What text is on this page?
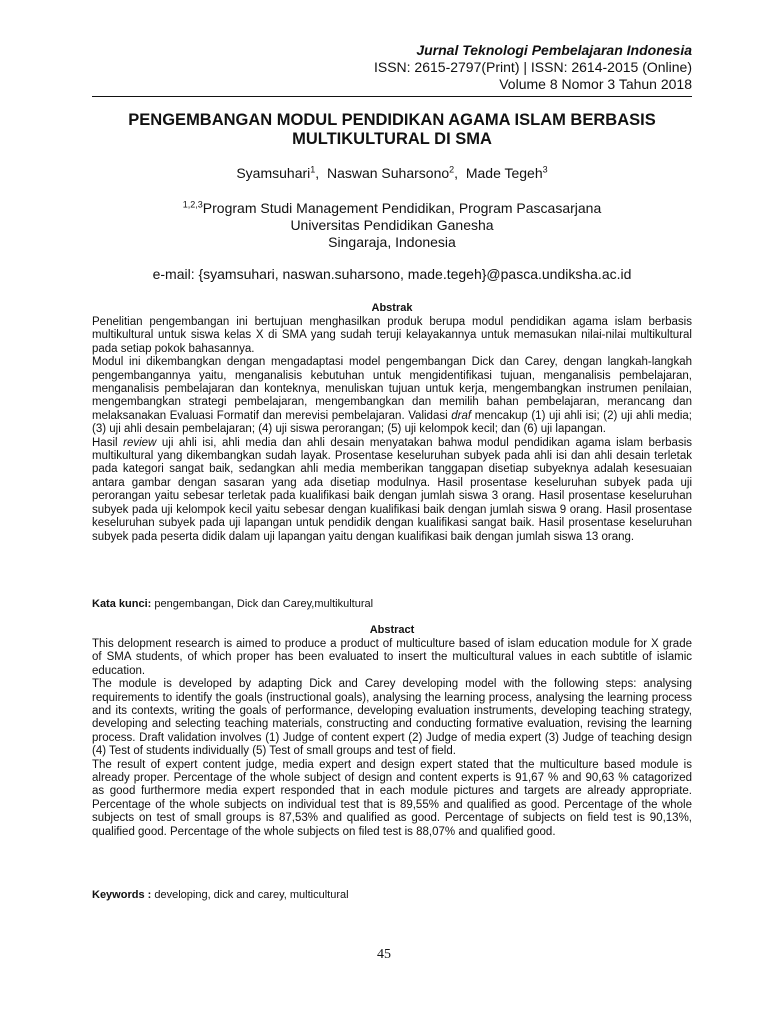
Jurnal Teknologi Pembelajaran Indonesia
ISSN: 2615-2797(Print) | ISSN: 2614-2015 (Online)
Volume 8 Nomor 3 Tahun 2018
PENGEMBANGAN MODUL PENDIDIKAN AGAMA ISLAM BERBASIS
MULTIKULTURAL DI SMA
Syamsuhari$^1$,  Naswan Suharsono$^2$,  Made Tegeh$^3$
$^{1,2,3}$Program Studi Management Pendidikan, Program Pascasarjana
Universitas Pendidikan Ganesha
Singaraja, Indonesia
e-mail: {syamsuhari, naswan.suharsono, made.tegeh}@pasca.undiksha.ac.id
Abstrak

Penelitian pengembangan ini bertujuan menghasilkan produk berupa modul pendidikan agama islam berbasis multikultural untuk siswa kelas X di SMA yang sudah teruji kelayakannya untuk memasukan nilai-nilai multikultural pada setiap pokok bahasannya.

Modul ini dikembangkan dengan mengadaptasi model pengembangan Dick dan Carey, dengan langkah-langkah pengembangannya yaitu, menganalisis kebutuhan untuk mengidentifikasi tujuan, menganalisis pembelajaran, menganalisis pembelajaran dan konteknya, menuliskan tujuan untuk kerja, mengembangkan instrumen penilaian, mengembangkan strategi pembelajaran, mengembangkan dan memilih bahan pembelajaran, merancang dan melaksanakan Evaluasi Formatif dan merevisi pembelajaran. Validasi draf mencakup (1) uji ahli isi; (2) uji ahli media; (3) uji ahli desain pembelajaran; (4) uji siswa perorangan; (5) uji kelompok kecil; dan (6) uji lapangan.

Hasil review uji ahli isi, ahli media dan ahli desain menyatakan bahwa modul pendidikan agama islam berbasis multikultural yang dikembangkan sudah layak. Prosentase keseluruhan subyek pada ahli isi dan ahli desain terletak pada kategori sangat baik, sedangkan ahli media memberikan tanggapan disetiap subyeknya adalah kesesuaian antara gambar dengan sasaran yang ada disetiap modulnya. Hasil prosentase keseluruhan subyek pada uji perorangan yaitu sebesar terletak pada kualifikasi baik dengan jumlah siswa 3 orang. Hasil prosentase keseluruhan subyek pada uji kelompok kecil yaitu sebesar dengan kualifikasi baik dengan jumlah siswa 9 orang. Hasil prosentase keseluruhan subyek pada uji lapangan untuk pendidik dengan kualifikasi sangat baik. Hasil prosentase keseluruhan subyek pada peserta didik dalam uji lapangan yaitu dengan kualifikasi baik dengan jumlah siswa 13 orang.

Kata kunci: pengembangan, Dick dan Carey,multikultural
Abstract

This delopment research is aimed to produce a product of multiculture based of islam education module for X grade of SMA students, of which proper has been evaluated to insert the multicultural values in each subtitle of islamic education.

The module is developed by adapting Dick and Carey developing model with the following steps: analysing requirements to identify the goals (instructional goals), analysing the learning process, analysing the learning process and its contexts, writing the goals of performance, developing evaluation instruments, developing teaching strategy, developing and selecting teaching materials, constructing and conducting formative evaluation, revising the learning process. Draft validation involves (1) Judge of content expert (2) Judge of media expert (3) Judge of teaching design (4) Test of students individually (5) Test of small groups and test of field.

The result of expert content judge, media expert and design expert stated that the multiculture based module is already proper. Percentage of the whole subject of design and content experts is 91,67 % and 90,63 % catagorized as good furthermore media expert responded that in each module pictures and targets are already appropriate. Percentage of the whole subjects on individual test that is 89,55% and qualified as good. Percentage of the whole subjects on test of small groups is 87,53% and qualified as good. Percentage of subjects on field test is 90,13%, qualified good. Percentage of the whole subjects on filed test is 88,07% and qualified good.

Keywords : developing, dick and carey, multicultural
45
